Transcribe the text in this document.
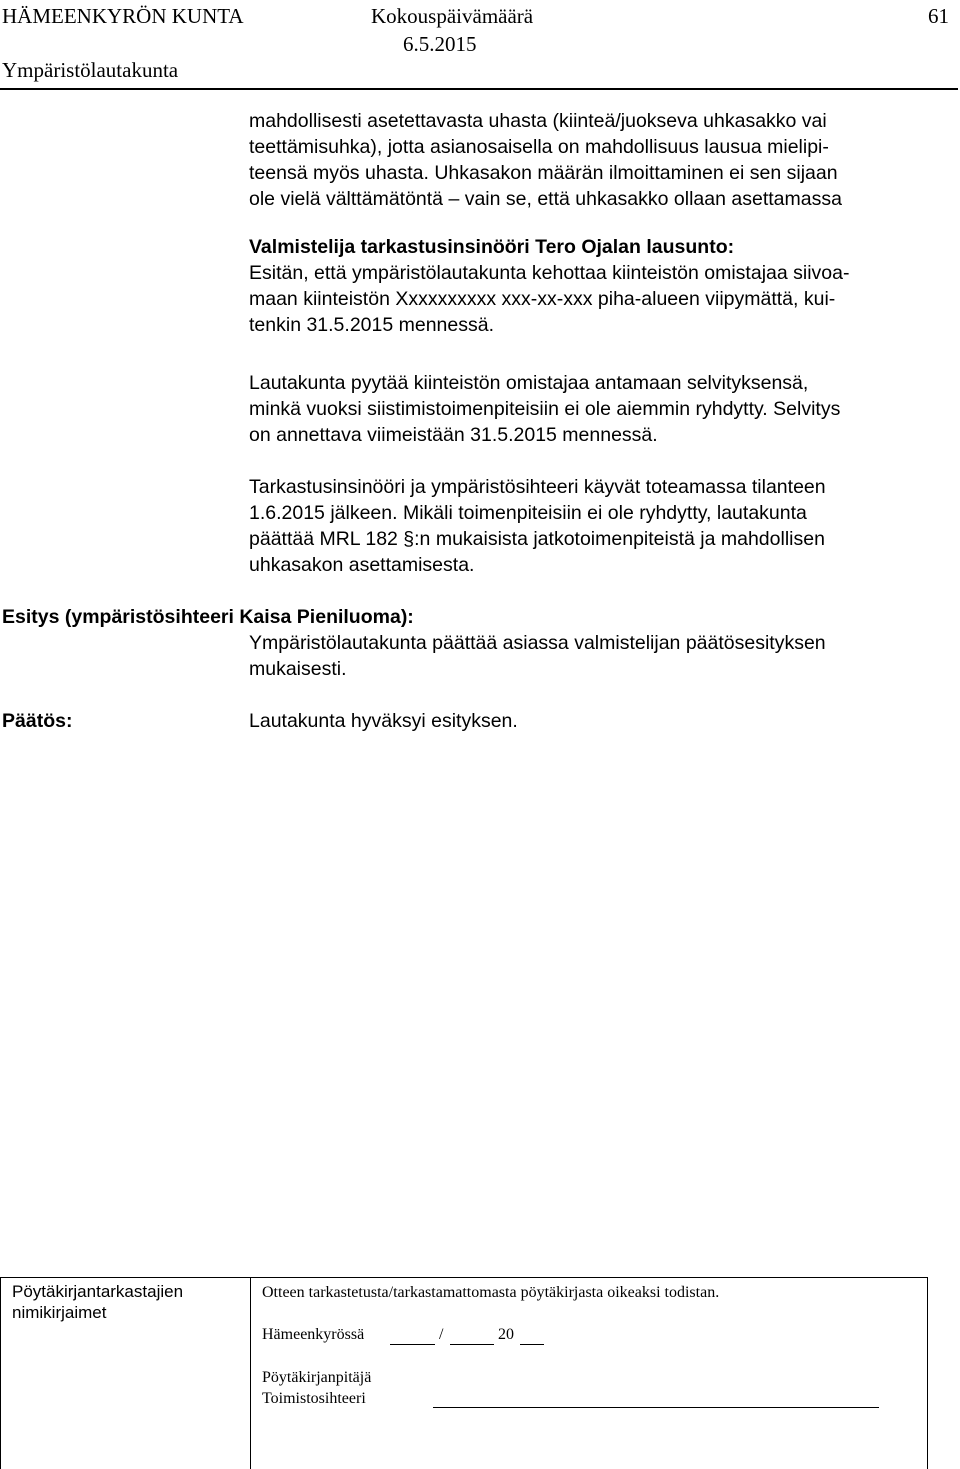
HÄMEENKYRÖN KUNTA	Kokouspäivämäärä
6.5.2015
Ympäristölautakunta
61
mahdollisesti asetettavasta uhasta (kiinteä/juokseva uhkasakko vai
teettämisuhka), jotta asianosaisella on mahdollisuus lausua mielipi-
teensä myös uhasta. Uhkasakon määrän ilmoittaminen ei sen sijaan
ole vielä välttämätöntä – vain se, että uhkasakko ollaan asettamassa
Valmistelija tarkastusinsinööri Tero Ojalan lausunto:
Esitän, että ympäristölautakunta kehottaa kiinteistön omistajaa siivoa-
maan kiinteistön Xxxxxxxxxx xxx-xx-xxx piha-alueen viipymättä, kui-
tenkin 31.5.2015 mennessä.
Lautakunta pyytää kiinteistön omistajaa antamaan selvityksensä,
minkä vuoksi siistimistoimenpiteisiin ei ole aiemmin ryhdytty. Selvitys
on annettava viimeistään 31.5.2015 mennessä.
Tarkastusinsinööri ja ympäristösihteeri käyvät toteamassa tilanteen
1.6.2015 jälkeen. Mikäli toimenpiteisiin ei ole ryhdytty, lautakunta
päättää MRL 182 §:n mukaisista jatkotoimenpiteistä ja mahdollisen
uhkasakon asettamisesta.
Esitys (ympäristösihteeri Kaisa Pieniluoma):
Ympäristölautakunta päättää asiassa valmistelijan päätösesityksen
mukaisesti.
Päätös:	Lautakunta hyväksyi esityksen.
Pöytäkirjantarkastajien
nimikirjaimet
Otteen tarkastetusta/tarkastamattomasta pöytäkirjasta oikeaksi todistan.
Hämeenkyrössä	/	20
Pöytäkirjanpitäjä
Toimistosihteeri
